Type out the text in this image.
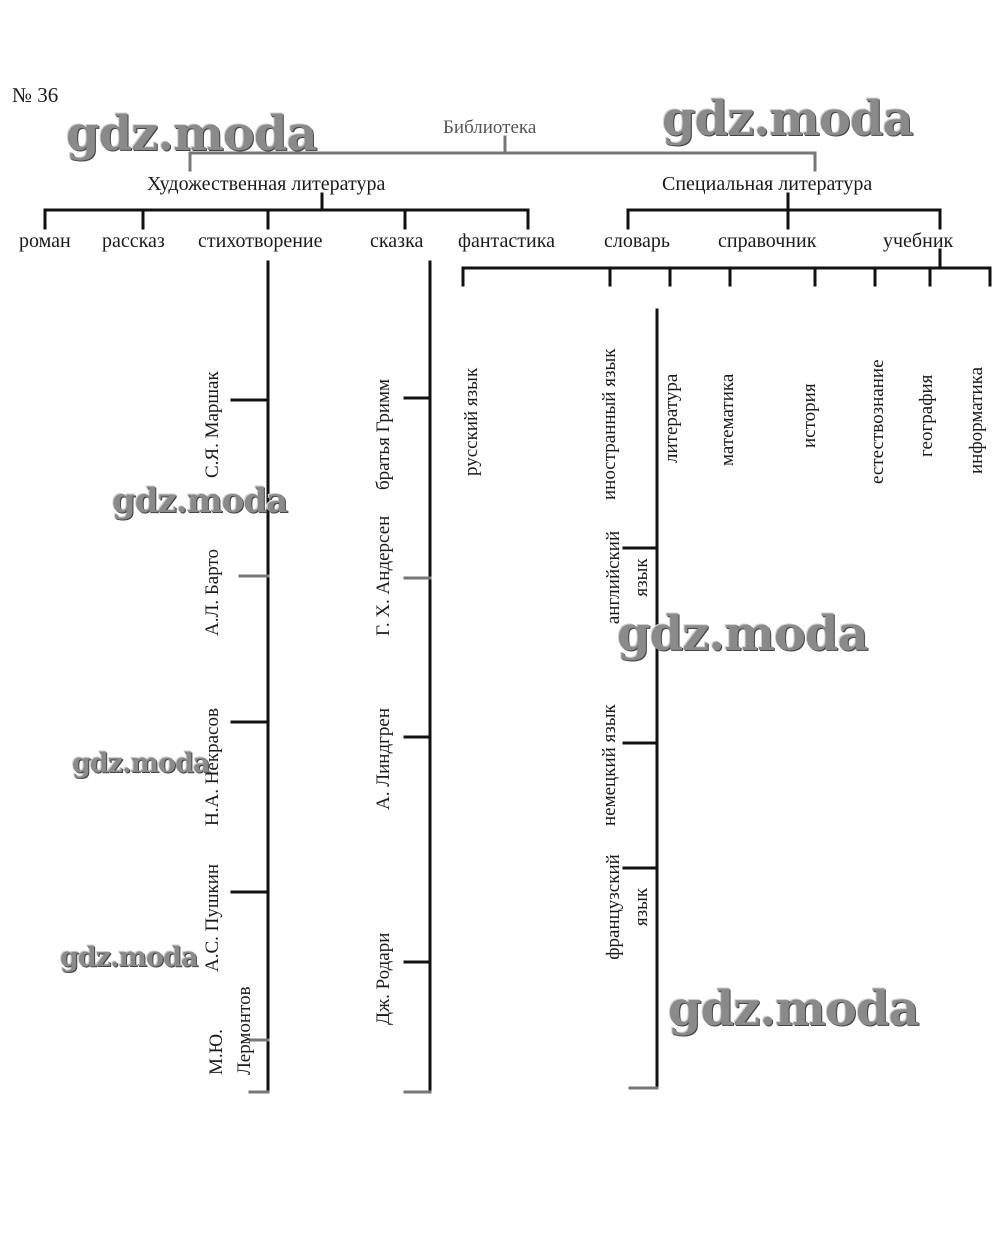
№ 36
Библиотека
Художественная литература	Специальная литература
роман рассказ стихотворение сказка фантастика словарь справочник	учебник
С.Я. Маршак
А.Л. Барто
Н.А. Некрасов
А.С. Пушкин
М.Ю. Лермонтов
братья Гримм
Г. Х. Андерсен
А. Линдгрен
Дж. Родари
русский язык	иностранный язык литература математика	история естествознание география информатика
английский язык
немецкий язык
французский язык
gdz.moda	gdz.moda
gdz.moda
gdz.moda
gdz.moda
gdz.moda
gdz.moda
